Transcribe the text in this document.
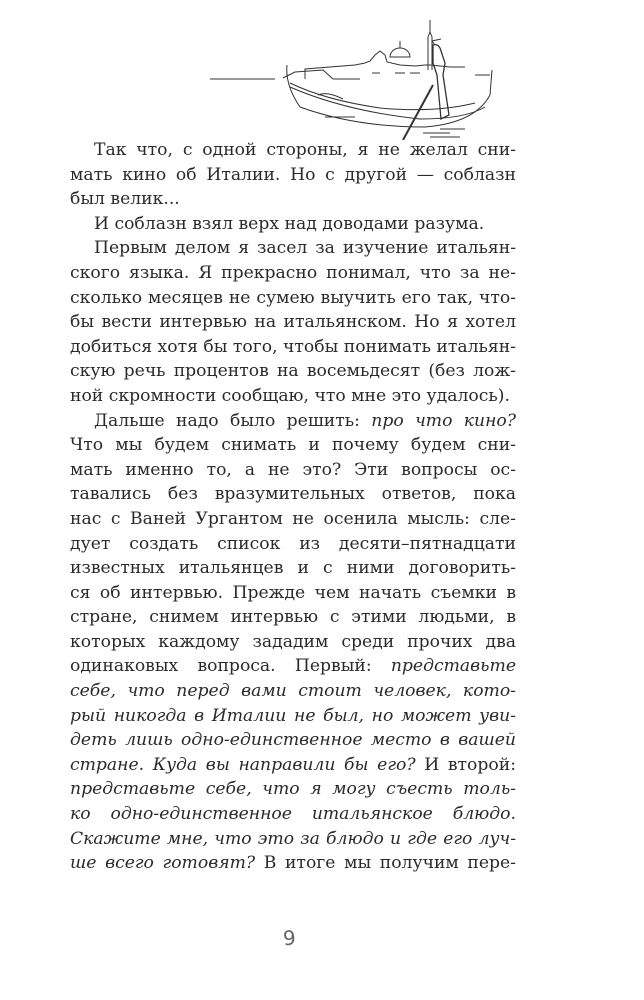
Так что, с одной стороны, я не желал сни-
мать кино об Италии. Но с другой — соблазн
был велик...
И соблазн взял верх над доводами разума.
Первым делом я засел за изучение итальян-
ского языка. Я прекрасно понимал, что за не-
сколько месяцев не сумею выучить его так, что-
бы вести интервью на итальянском. Но я хотел
добиться хотя бы того, чтобы понимать итальян-
скую речь процентов на восемьдесят (без лож-
ной скромности сообщаю, что мне это удалось).
Дальше надо было решить: про что кино?
Что мы будем снимать и почему будем сни-
мать именно то, а не это? Эти вопросы ос-
тавались без вразумительных ответов, пока
нас с Ваней Ургантом не осенила мысль: сле-
дует создать список из десяти–пятнадцати
известных итальянцев и с ними договорить-
ся об интервью. Прежде чем начать съемки в
стране, снимем интервью с этими людьми, в
которых каждому зададим среди прочих два
одинаковых вопроса. Первый: представьте
себе, что перед вами стоит человек, кото-
рый никогда в Италии не был, но может уви-
деть лишь одно-единственное место в вашей
стране. Куда вы направили бы его? И второй:
представьте себе, что я могу съесть толь-
ко одно-единственное итальянское блюдо.
Скажите мне, что это за блюдо и где его луч-
ше всего готовят? В итоге мы получим пере-
9
